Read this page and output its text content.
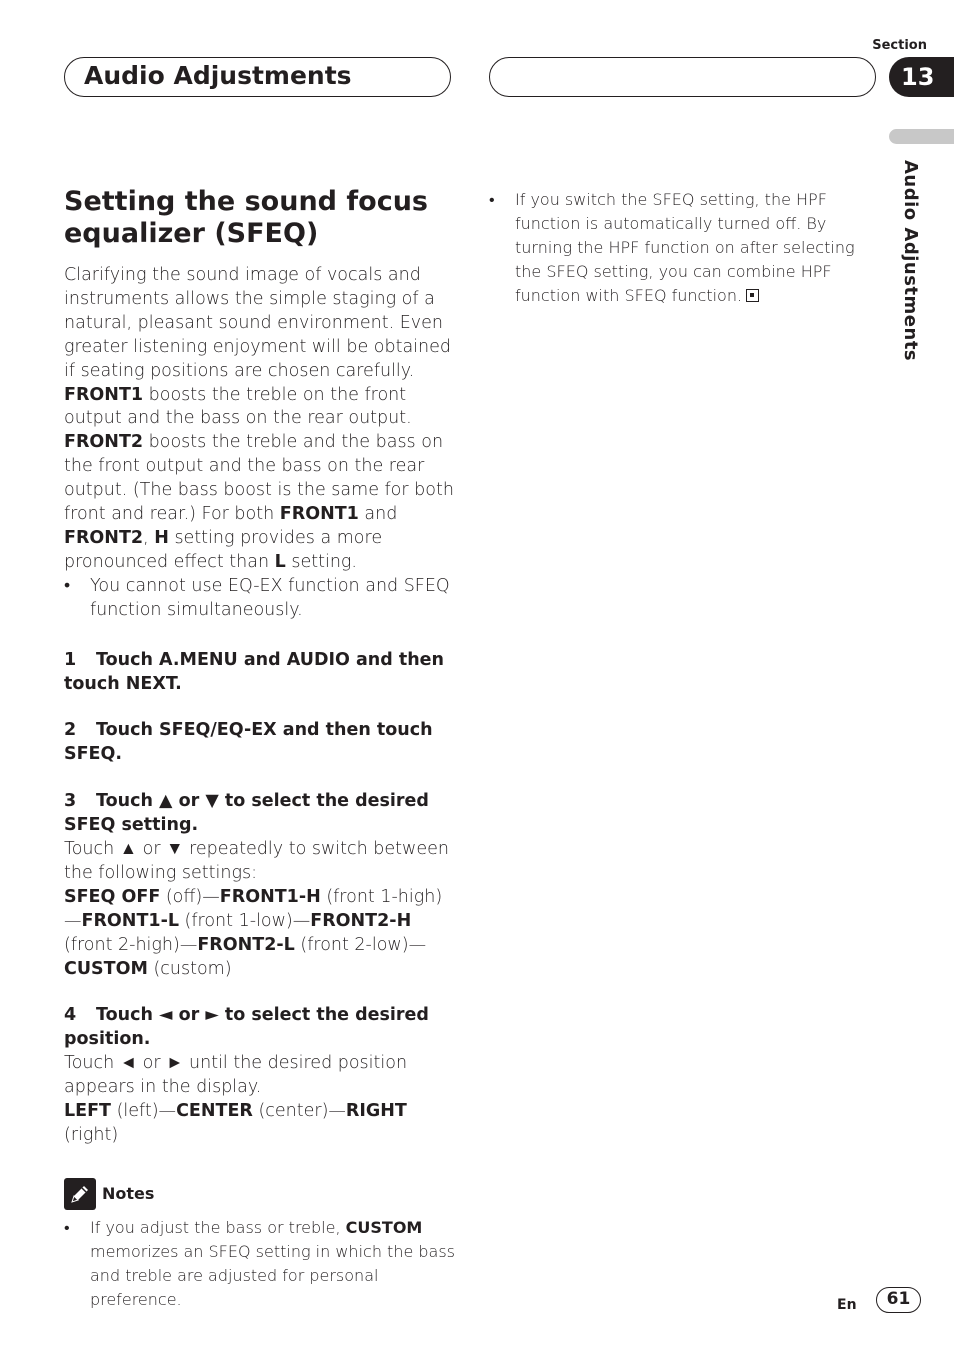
Audio Adjustments
Section
13
Audio Adjustments
Setting the sound focus equalizer (SFEQ)

Clarifying the sound image of vocals and instruments allows the simple staging of a natural, pleasant sound environment. Even greater listening enjoyment will be obtained if seating positions are chosen carefully. FRONT1 boosts the treble on the front output and the bass on the rear output. FRONT2 boosts the treble and the bass on the front output and the bass on the rear output. (The bass boost is the same for both front and rear.) For both FRONT1 and FRONT2, H setting provides a more pronounced effect than L setting.

• You cannot use EQ-EX function and SFEQ function simultaneously.
1 Touch A.MENU and AUDIO and then touch NEXT.
2 Touch SFEQ/EQ-EX and then touch SFEQ.
3 Touch ▲ or ▼ to select the desired SFEQ setting.

Touch ▲ or ▼ repeatedly to switch between the following settings:
SFEQ OFF (off)—FRONT1-H (front 1-high) —FRONT1-L (front 1-low)—FRONT2-H (front 2-high)—FRONT2-L (front 2-low)—CUSTOM (custom)

4 Touch ◄ or ► to select the desired position.

Touch ◄ or ► until the desired position appears in the display.
LEFT (left)—CENTER (center)—RIGHT (right)

Notes
• If you adjust the bass or treble, CUSTOM memorizes an SFEQ setting in which the bass and treble are adjusted for personal preference.
• If you switch the SFEQ setting, the HPF function is automatically turned off. By turning the HPF function on after selecting the SFEQ setting, you can combine HPF function with SFEQ function.
En	61
